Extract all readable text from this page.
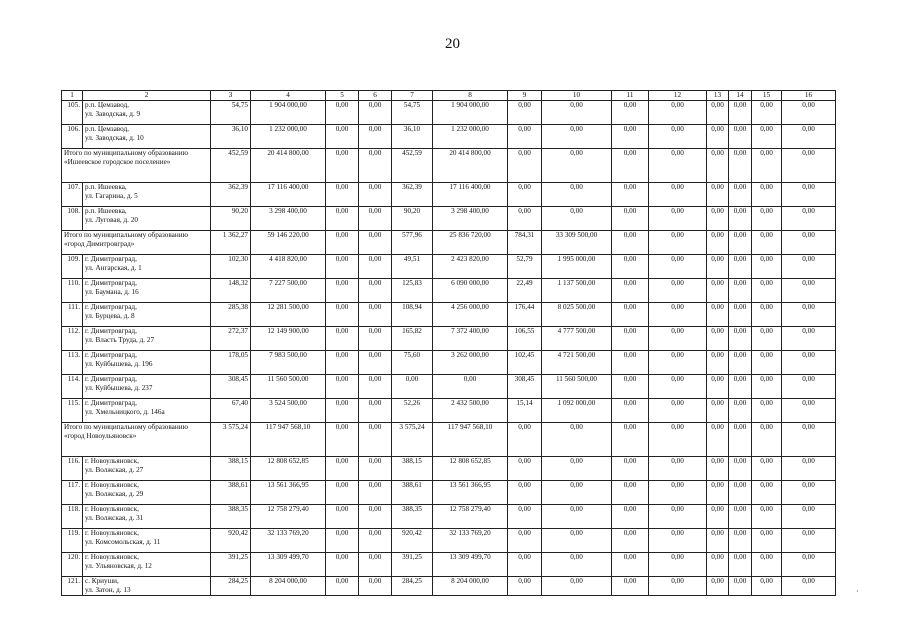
20
1	2	3	4	5	6	7	8	9	10	11	12	13	14	15	16
105.	р.п. Цемзавод,
ул. Заводская, д. 9	54,75	1 904 000,00	0,00	0,00	54,75	1 904 000,00	0,00	0,00	0,00	0,00	0,00	0,00	0,00	0,00
106.	р.п. Цемзавод,
ул. Заводская, д. 10	36,10	1 232 000,00	0,00	0,00	36,10	1 232 000,00	0,00	0,00	0,00	0,00	0,00	0,00	0,00	0,00
Итого по муниципальному образованию «Ишеевское городское поселение»		452,59	20 414 800,00	0,00	0,00	452,59	20 414 800,00	0,00	0,00	0,00	0,00	0,00	0,00	0,00	0,00
107.	р.п. Ишеевка,
ул. Гагарина, д. 5	362,39	17 116 400,00	0,00	0,00	362,39	17 116 400,00	0,00	0,00	0,00	0,00	0,00	0,00	0,00	0,00
108.	р.п. Ишеевка,
ул. Луговая, д. 20	90,20	3 298 400,00	0,00	0,00	90,20	3 298 400,00	0,00	0,00	0,00	0,00	0,00	0,00	0,00	0,00
Итого по муниципальному образованию «город Димитровград»		1 362,27	59 146 220,00	0,00	0,00	577,96	25 836 720,00	784,31	33 309 500,00	0,00	0,00	0,00	0,00	0,00	0,00
109.	г. Димитровград,
ул. Ангарская, д. 1	102,30	4 418 820,00	0,00	0,00	49,51	2 423 820,00	52,79	1 995 000,00	0,00	0,00	0,00	0,00	0,00	0,00
110.	г. Димитровград,
ул. Баумана, д. 16	148,32	7 227 500,00	0,00	0,00	125,83	6 090 000,00	22,49	1 137 500,00	0,00	0,00	0,00	0,00	0,00	0,00
111.	г. Димитровград,
ул. Бурцева, д. 8	285,38	12 281 500,00	0,00	0,00	108,94	4 256 000,00	176,44	8 025 500,00	0,00	0,00	0,00	0,00	0,00	0,00
112.	г. Димитровград,
ул. Власть Труда, д. 27	272,37	12 149 900,00	0,00	0,00	165,82	7 372 400,00	106,55	4 777 500,00	0,00	0,00	0,00	0,00	0,00	0,00
113.	г. Димитровград,
ул. Куйбышева, д. 196	178,05	7 983 500,00	0,00	0,00	75,60	3 262 000,00	102,45	4 721 500,00	0,00	0,00	0,00	0,00	0,00	0,00
114.	г. Димитровград,
ул. Куйбышева, д. 237	308,45	11 560 500,00	0,00	0,00	0,00	0,00	308,45	11 560 500,00	0,00	0,00	0,00	0,00	0,00	0,00
115.	г. Димитровград,
ул. Хмельницкого, д. 146а	67,40	3 524 500,00	0,00	0,00	52,26	2 432 500,00	15,14	1 092 000,00	0,00	0,00	0,00	0,00	0,00	0,00
Итого по муниципальному образованию «город Новоульяновск»		3 575,24	117 947 568,10	0,00	0,00	3 575,24	117 947 568,10	0,00	0,00	0,00	0,00	0,00	0,00	0,00	0,00
116.	г. Новоульяновск,
ул. Волжская, д. 27	388,15	12 808 652,85	0,00	0,00	388,15	12 808 652,85	0,00	0,00	0,00	0,00	0,00	0,00	0,00	0,00
117.	г. Новоульяновск,
ул. Волжская, д. 29	388,61	13 561 366,95	0,00	0,00	388,61	13 561 366,95	0,00	0,00	0,00	0,00	0,00	0,00	0,00	0,00
118.	г. Новоульяновск,
ул. Волжская, д. 31	388,35	12 758 279,40	0,00	0,00	388,35	12 758 279,40	0,00	0,00	0,00	0,00	0,00	0,00	0,00	0,00
119.	г. Новоульяновск,
ул. Комсомольская, д. 11	920,42	32 133 769,20	0,00	0,00	920,42	32 133 769,20	0,00	0,00	0,00	0,00	0,00	0,00	0,00	0,00
120.	г. Новоульяновск,
ул. Ульяновская, д. 12	391,25	13 309 499,70	0,00	0,00	391,25	13 309 499,70	0,00	0,00	0,00	0,00	0,00	0,00	0,00	0,00
121.	с. Криуши,
ул. Затон, д. 13	284,25	8 204 000,00	0,00	0,00	284,25	8 204 000,00	0,00	0,00	0,00	0,00	0,00	0,00	0,00	0,00
·
